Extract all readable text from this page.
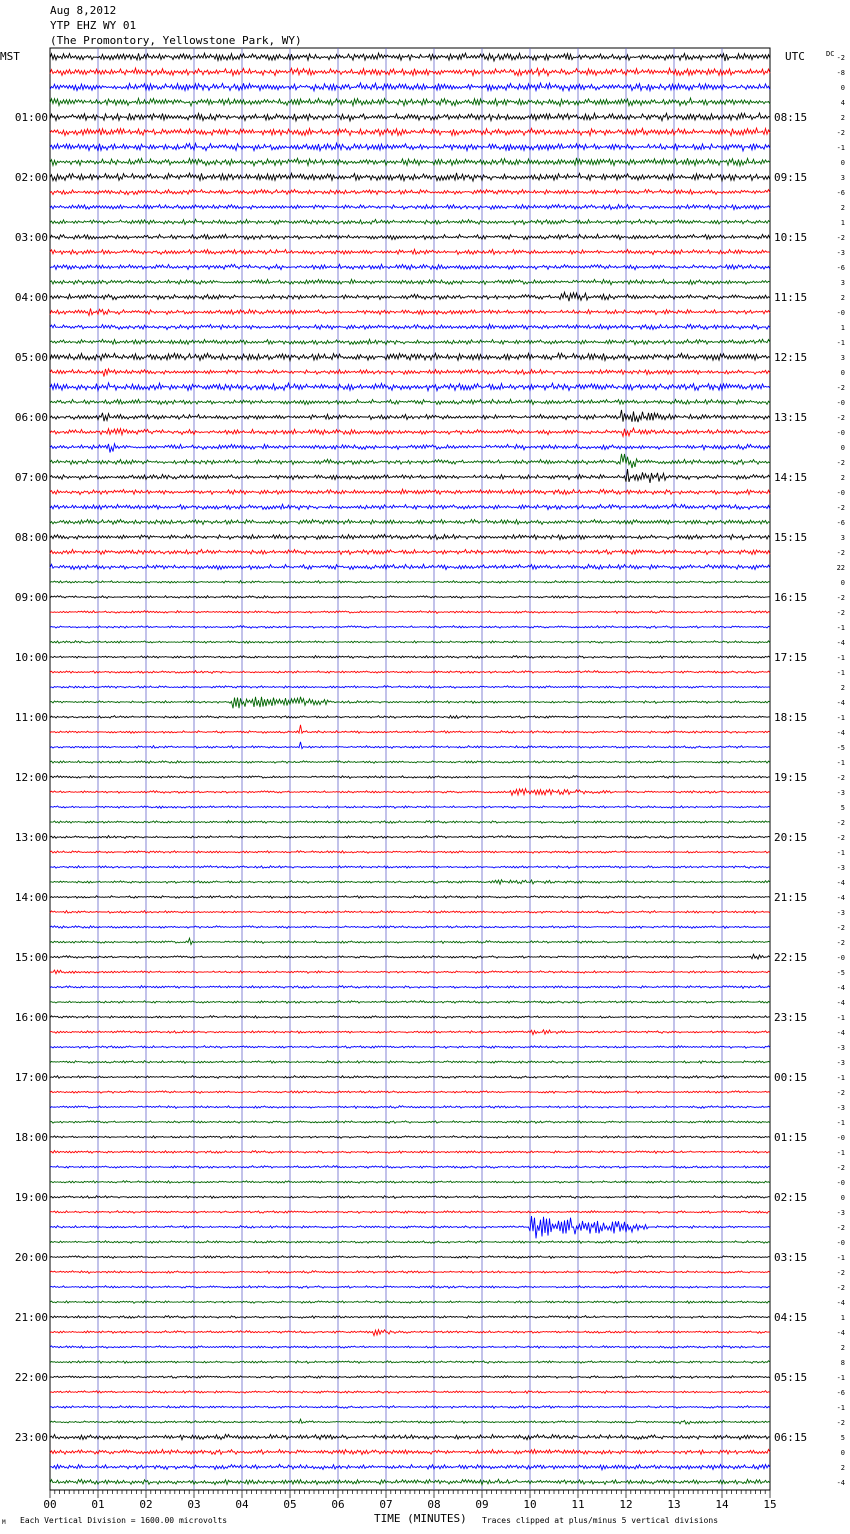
Aug 8,2012
YTP EHZ WY 01
(The Promontory, Yellowstone Park, WY)
MST	UTC	DC
00	01	02	03	04	05	06	07	08	09	10	11	12	13	14	15
-2
-8
0
4
2
-2
-1
0
3
-6
2
1
-2
-3
-6
3
2
-0
1
-1
3
0
-2
-0
-2
-0
0
-2
2
-0
-2
-6
3
-2
22
0
-2
-2
-1
-4
-1
-1
2
-4
-1
-4
-5
-1
-2
-3
5
-2
-2
-1
-3
-4
-4
-3
-2
-2
-0
-5
-4
-4
-1
-4
-3
-3
-1
-2
-3
-1
-0
-1
-2
-0
0
-3
-2
-0
-1
-2
-2
-4
1
-4
2
8
-1
-6
-1
-2
5
0
2
-4
01:00
02:00
03:00
04:00
05:00
06:00
07:00
08:00
09:00
10:00
11:00
12:00
13:00
14:00
15:00
16:00
17:00
18:00
19:00
20:00
21:00
22:00
23:00
08:15
09:15
10:15
11:15
12:15
13:15
14:15
15:15
16:15
17:15
18:15
19:15
20:15
21:15
22:15
23:15
00:15
01:15
02:15
03:15
04:15
05:15
06:15
TIME (MINUTES)
Each Vertical Division = 1600.00 microvolts	Traces clipped at plus/minus 5 vertical divisions
M
